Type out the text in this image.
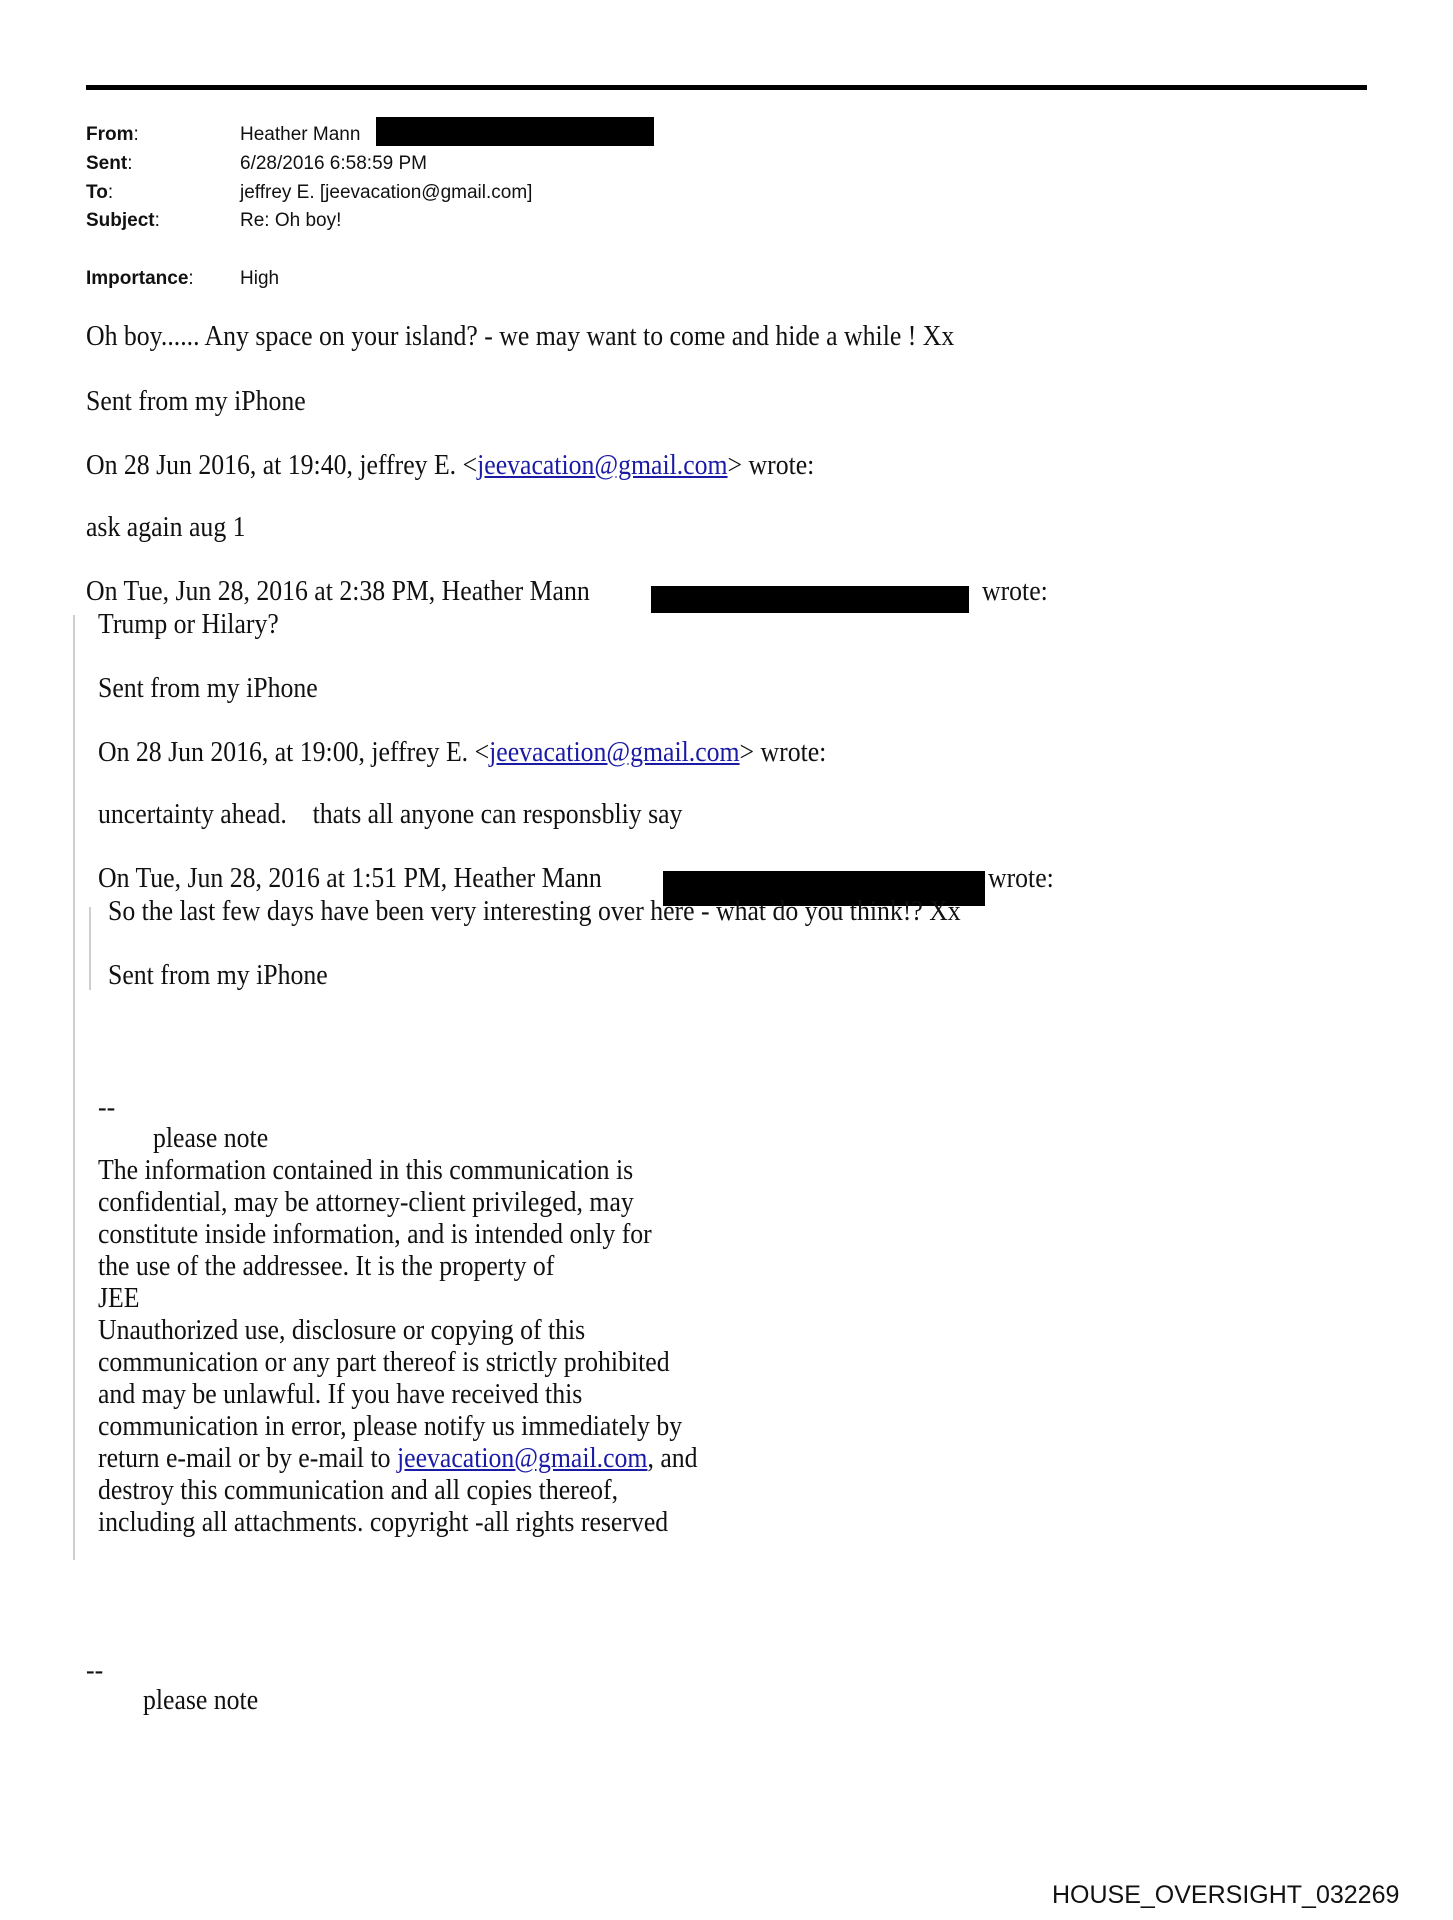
From:	Heather Mann
Sent:	6/28/2016 6:58:59 PM
To:	jeffrey E. [jeevacation@gmail.com]
Subject:	Re: Oh boy!
Importance: High
Oh boy...... Any space on your island? - we may want to come and hide a while ! Xx
Sent from my iPhone
On 28 Jun 2016, at 19:40, jeffrey E. <jeevacation@gmail.com> wrote:
ask again aug 1
On Tue, Jun 28, 2016 at 2:38 PM, Heather Mann	wrote:
Trump or Hilary?
Sent from my iPhone
On 28 Jun 2016, at 19:00, jeffrey E. <jeevacation@gmail.com> wrote:
uncertainty ahead.    thats all anyone can responsbliy say
On Tue, Jun 28, 2016 at 1:51 PM, Heather Mann	wrote:
So the last few days have been very interesting over here - what do you think!? Xx
Sent from my iPhone
--
please note
The information contained in this communication is
confidential, may be attorney-client privileged, may
constitute inside information, and is intended only for
the use of the addressee. It is the property of
JEE
Unauthorized use, disclosure or copying of this
communication or any part thereof is strictly prohibited
and may be unlawful. If you have received this
communication in error, please notify us immediately by
return e-mail or by e-mail to jeevacation@gmail.com, and
destroy this communication and all copies thereof,
including all attachments. copyright -all rights reserved
--
please note
HOUSE_OVERSIGHT_032269
